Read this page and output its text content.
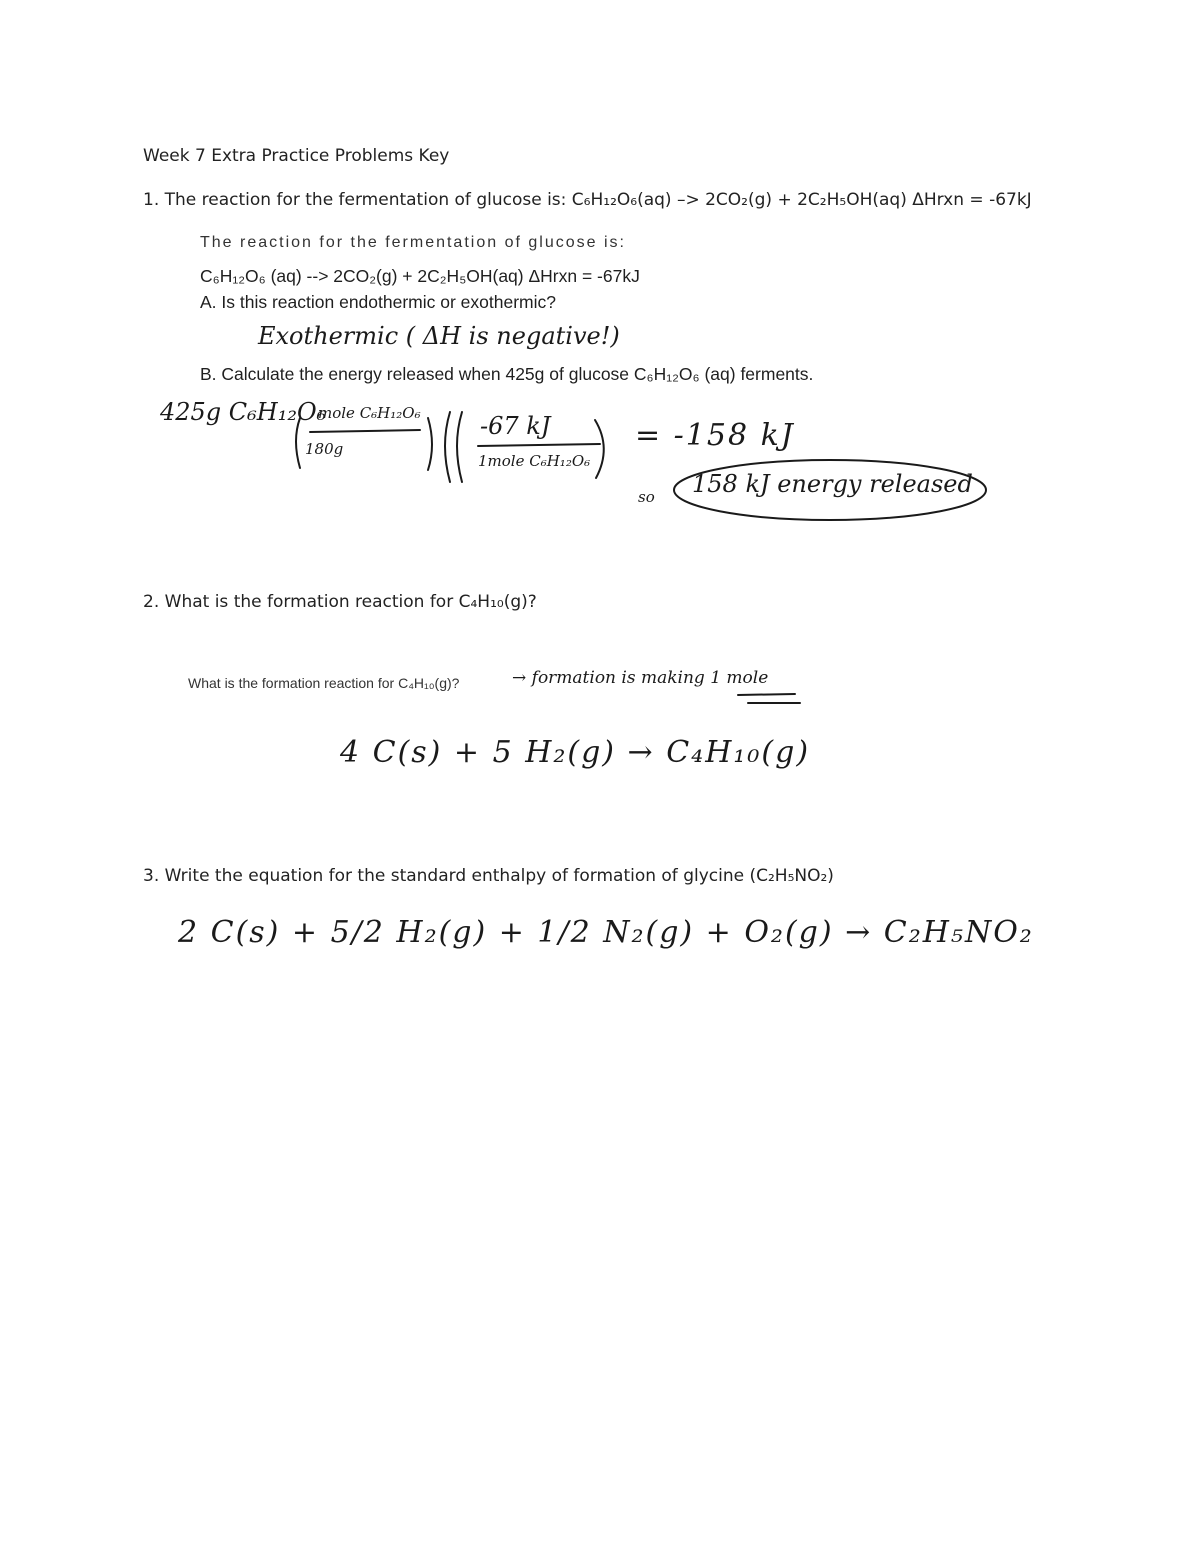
Week 7 Extra Practice Problems Key
1. The reaction for the fermentation of glucose is: C₆H₁₂O₆(aq) –> 2CO₂(g) + 2C₂H₅OH(aq) ΔHrxn = -67kJ
The reaction for the fermentation of glucose is:
C₆H₁₂O₆ (aq) --> 2CO₂(g) + 2C₂H₅OH(aq) ΔHrxn = -67kJ
A. Is this reaction endothermic or exothermic?
Exothermic ( ΔH is negative!)
B. Calculate the energy released when 425g of glucose C₆H₁₂O₆ (aq) ferments.
425g C₆H₁₂O₆
mole C₆H₁₂O₆
180g
-67 kJ
1mole C₆H₁₂O₆
= -158 kJ
so 158 kJ energy released
2. What is the formation reaction for C₄H₁₀(g)?
What is the formation reaction for C₄H₁₀(g)?	→ formation is making 1 mole
4 C(s) + 5 H₂(g) → C₄H₁₀(g)
3. Write the equation for the standard enthalpy of formation of glycine (C₂H₅NO₂)
2 C(s) + 5/2 H₂(g) + 1/2 N₂(g) + O₂(g) → C₂H₅NO₂
